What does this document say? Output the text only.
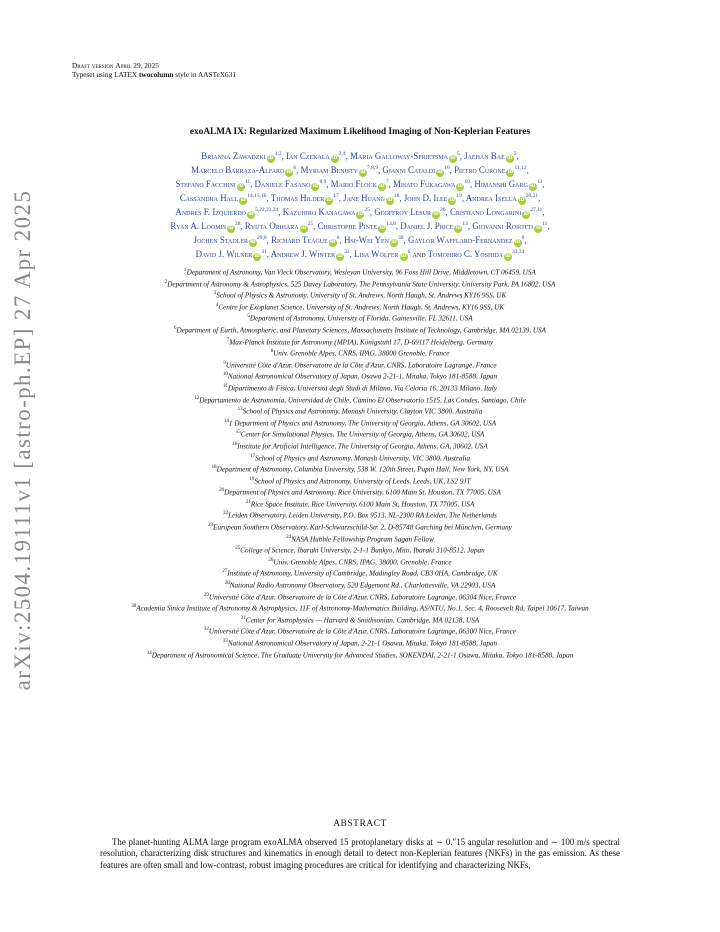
arXiv:2504.19111v1 [astro-ph.EP] 27 Apr 2025
Draft version April 29, 2025
Typeset using LATEX twocolumn style in AASTeX631
exoALMA IX: Regularized Maximum Likelihood Imaging of Non-Keplerian Features
Brianna Zawadzki iD$^{1,2}$, Ian Czekala iD$^{3,4}$, Maria Galloway-Sprietsma $iD^5$, Jaehan Bae $iD^5$,
Marcelo Barraza-Alfaro $iD^6$, Myriam Benisty iD$^{7,8,9}$, Gianni Cataldi $iD^{10}$, Pietro Curone iD$^{11,12}$,
Stefano Facchini $iD^{11}$, Daniele Fasano iD$^{8,9}$, Mario Flock $iD^7$, Misato Fukagawa $iD^{10}$, Himanshi Garg $iD^{13}$,
Cassandra Hall iD$^{14,15,16}$, Thomas Hilder $iD^{17}$, Jane Huang $iD^{18}$, John D. Ilee $iD^{19}$, Andrea Isella iD$^{20,21}$,
Andrés F. Izquierdo iD$^{5,22,23,24}$, Kazuhiro Kanagawa $iD^{25}$, Geoffroy Lesur $iD^{26}$, Cristiano Longarini iD$^{27,11}$,
Ryan A. Loomis $iD^{28}$, Ryuta Orihara $iD^{25}$, Christophe Pinte iD$^{13,8}$, Daniel J. Price $iD^{13}$, Giovanni Rosotti $iD^{11}$,
Jochen Stadler iD$^{29,8}$, Richard Teague $iD^6$, Hsi-Wei Yen $iD^{30}$, Gaylor Wafflard-Fernandez $iD^8$,
David J. Wilner $iD^{31}$, Andrew J. Winter $iD^{32}$, Lisa Wölfer $iD^6$ and Tomohiro C. Yoshida iD$^{33,34}$
$^1$Department of Astronomy, Van Vleck Observatory, Wesleyan University, 96 Foss Hill Drive, Middletown, CT 06459, USA
$^2$Department of Astronomy & Astrophysics, 525 Davey Laboratory, The Pennsylvania State University, University Park, PA 16802, USA
$^3$School of Physics & Astronomy, University of St. Andrews, North Haugh, St. Andrews KY16 9SS, UK
$^4$Centre for Exoplanet Science, University of St. Andrews, North Haugh, St. Andrews, KY16 9SS, UK
$^5$Department of Astronomy, University of Florida, Gainesville, FL 32611, USA
$^6$Department of Earth, Atmospheric, and Planetary Sciences, Massachusetts Institute of Technology, Cambridge, MA 02139, USA
$^7$Max-Planck Institute for Astronomy (MPIA), Königstuhl 17, D-69117 Heidelberg, Germany
$^8$Univ. Grenoble Alpes, CNRS, IPAG, 38000 Grenoble, France
$^9$Université Côte d'Azur, Observatoire de la Côte d'Azur, CNRS, Laboratoire Lagrange, France
$^{10}$National Astronomical Observatory of Japan, Osawa 2-21-1, Mitaka, Tokyo 181-8588, Japan
$^{11}$Dipartimento di Fisica, Università degli Studi di Milano, Via Celoria 16, 20133 Milano, Italy
$^{12}$Departamento de Astronomía, Universidad de Chile, Camino El Observatorio 1515, Las Condes, Santiago, Chile
$^{13}$School of Physics and Astronomy, Monash University, Clayton VIC 3800, Australia
$^{14}$1 Department of Physics and Astronomy, The University of Georgia, Athens, GA 30602, USA
$^{15}$Center for Simulational Physics, The University of Georgia, Athens, GA 30602, USA
$^{16}$Institute for Artificial Intelligence, The University of Georgia, Athens, GA, 30602, USA
$^{17}$School of Physics and Astronomy, Monash University, VIC 3800, Australia
$^{18}$Department of Astronomy, Columbia University, 538 W. 120th Street, Pupin Hall, New York, NY, USA
$^{19}$School of Physics and Astronomy, University of Leeds, Leeds, UK, LS2 9JT
$^{20}$Department of Physics and Astronomy, Rice University, 6100 Main St, Houston, TX 77005, USA
$^{21}$Rice Space Institute, Rice University, 6100 Main St, Houston, TX 77005, USA
$^{22}$Leiden Observatory, Leiden University, P.O. Box 9513, NL-2300 RA Leiden, The Netherlands
$^{23}$European Southern Observatory, Karl-Schwarzschild-Str. 2, D-85748 Garching bei München, Germany
$^{24}$NASA Hubble Fellowship Program Sagan Fellow
$^{25}$College of Science, Ibaraki University, 2-1-1 Bunkyo, Mito, Ibaraki 310-8512, Japan
$^{26}$Univ. Grenoble Alpes, CNRS, IPAG, 38000, Grenoble, France
$^{27}$Institute of Astronomy, University of Cambridge, Madingley Road, CB3 0HA, Cambridge, UK
$^{28}$National Radio Astronomy Observatory, 520 Edgemont Rd., Charlottesville, VA 22903, USA
$^{29}$Université Côte d'Azur, Observatoire de la Côte d'Azur, CNRS, Laboratoire Lagrange, 06304 Nice, France
$^{30}$Academia Sinica Institute of Astronomy & Astrophysics, 11F of Astronomy-Mathematics Building, AS/NTU, No.1, Sec. 4, Roosevelt Rd, Taipei 10617, Taiwan
$^{31}$Center for Astrophysics — Harvard & Smithsonian, Cambridge, MA 02138, USA
$^{32}$Université Côte d'Azur, Observatoire de la Côte d'Azur, CNRS, Laboratoire Lagrange, 06300 Nice, France
$^{33}$National Astronomical Observatory of Japan, 2-21-1 Osawa, Mitaka, Tokyo 181-8588, Japan
$^{34}$Department of Astronomical Science, The Graduate University for Advanced Studies, SOKENDAI, 2-21-1 Osawa, Mitaka, Tokyo 181-8588, Japan
ABSTRACT
The planet-hunting ALMA large program exoALMA observed 15 protoplanetary disks at ∼ 0.″15 angular resolution and ∼ 100 m/s spectral resolution, characterizing disk structures and kinematics in enough detail to detect non-Keplerian features (NKFs) in the gas emission. As these features are often small and low-contrast, robust imaging procedures are critical for identifying and characterizing NKFs,
